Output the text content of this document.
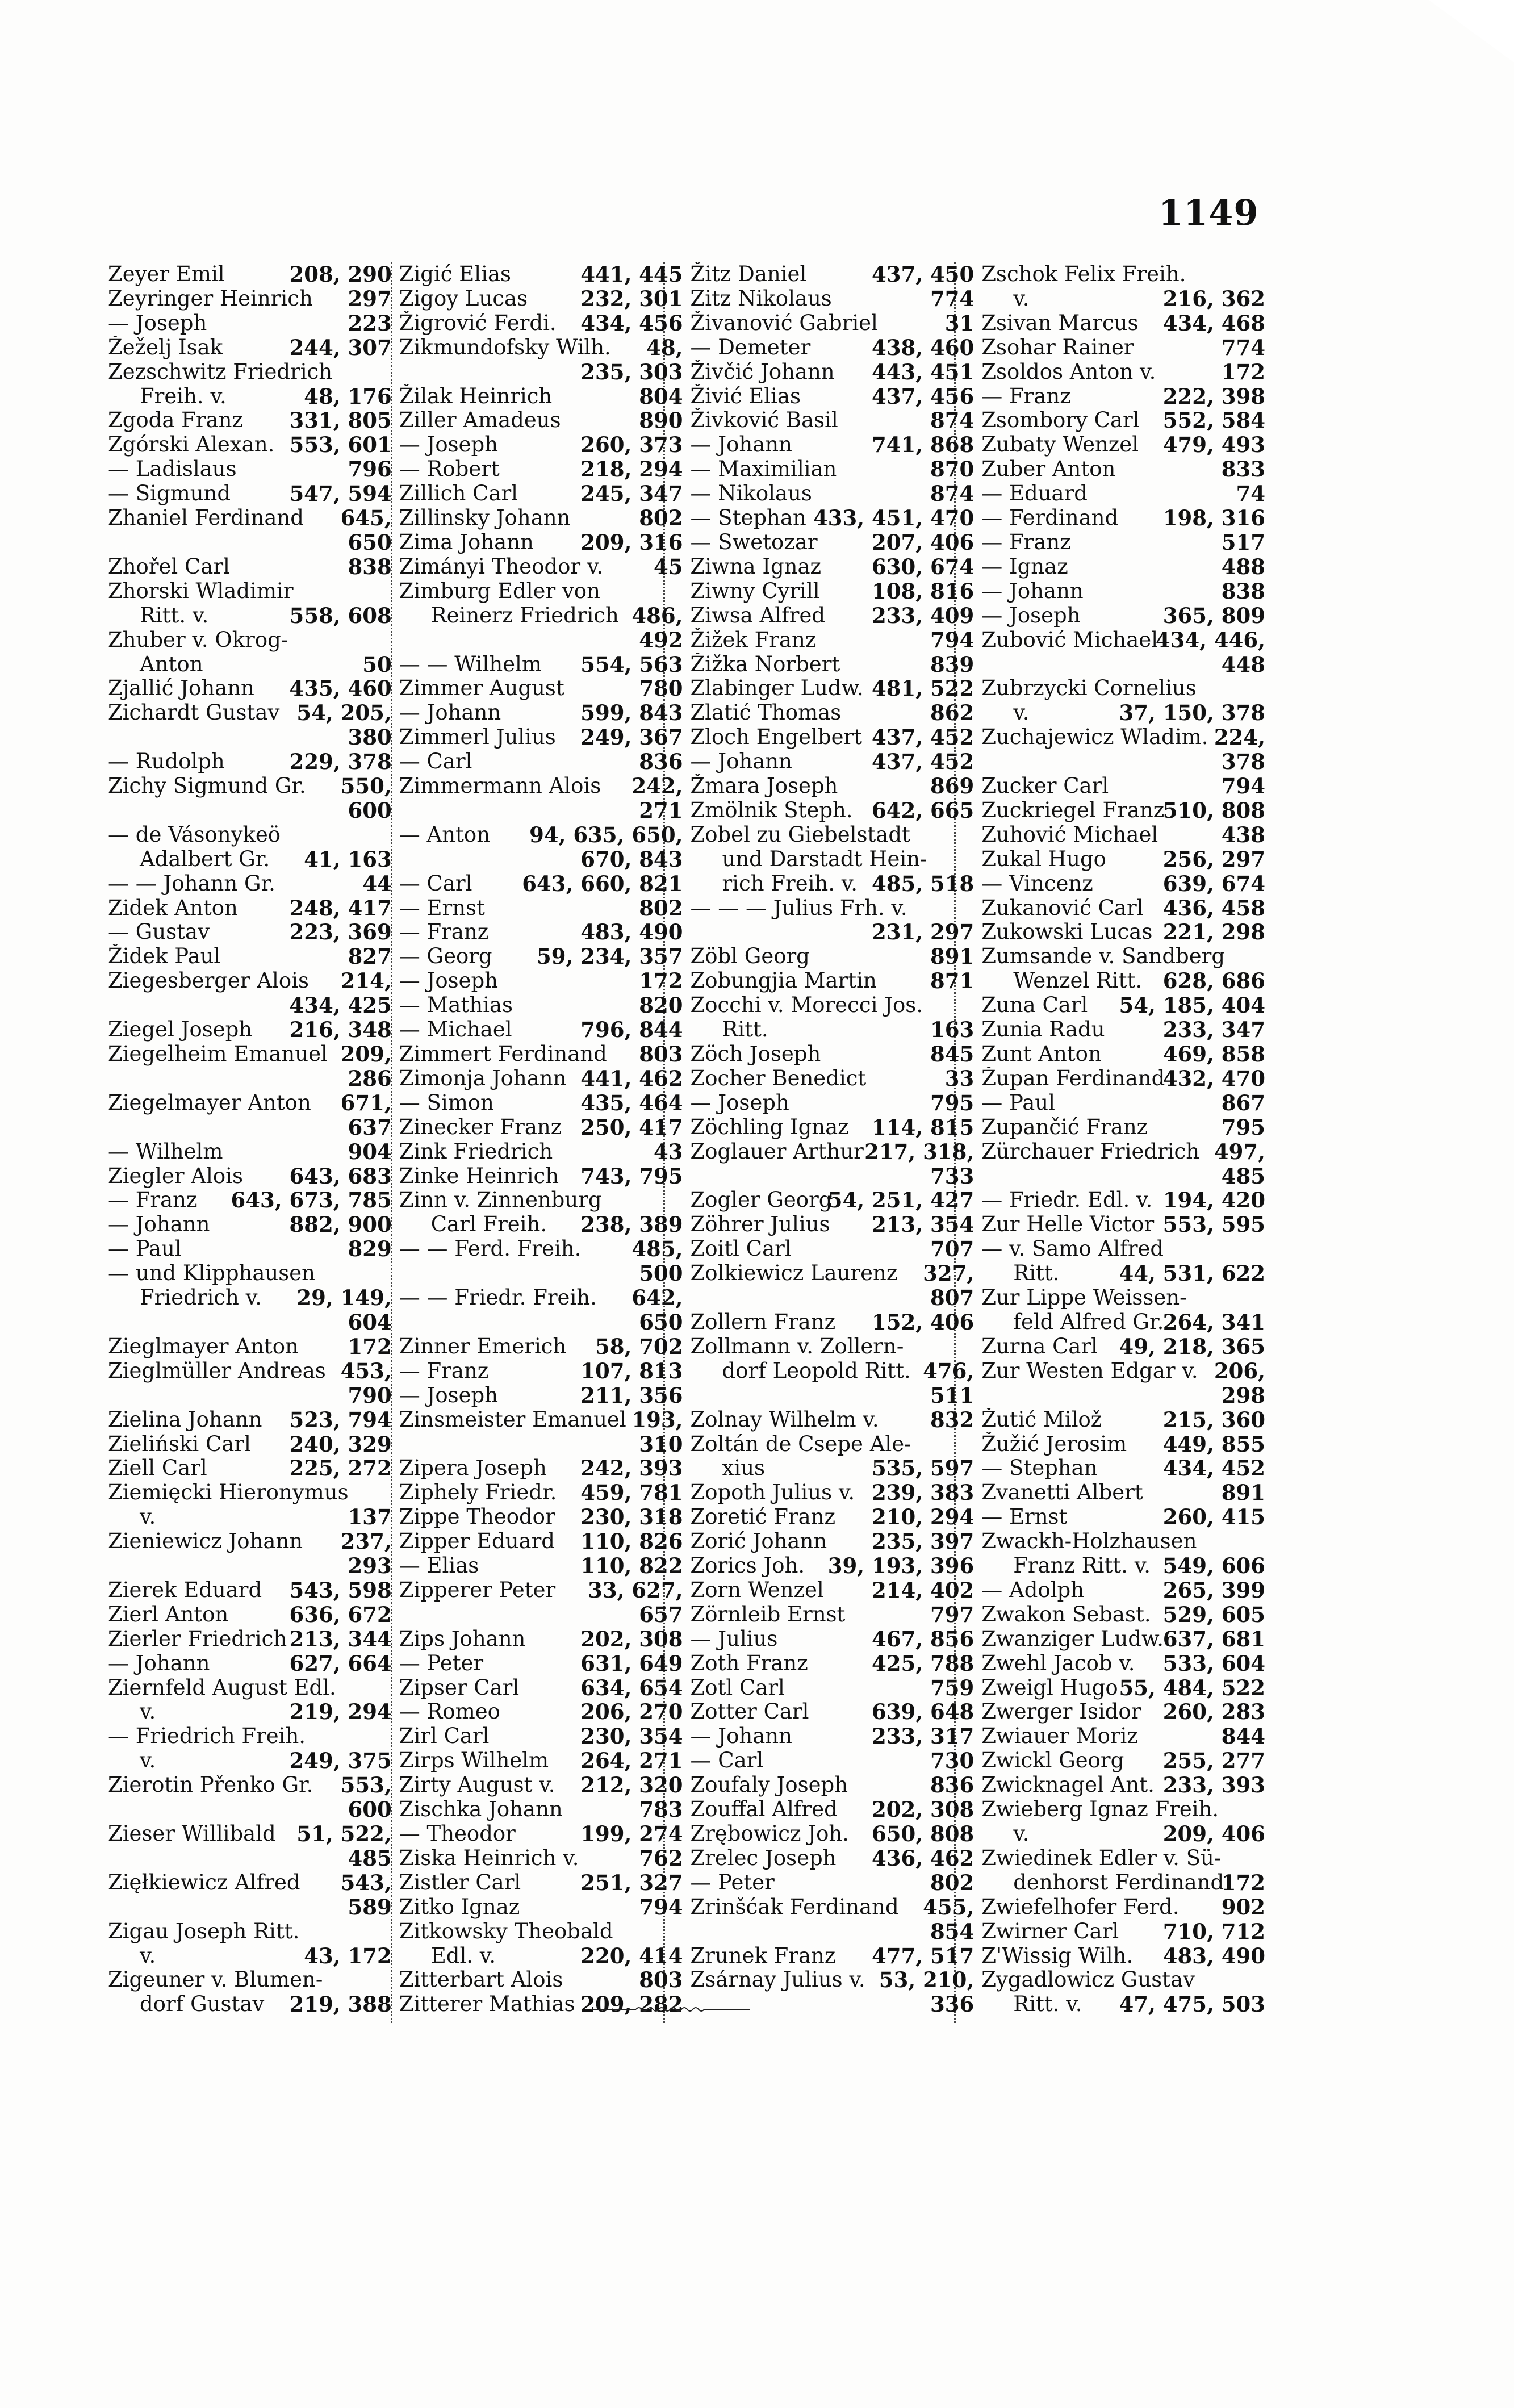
1149
208, 290
Zeyer Emil
297
Zeyringer Heinrich
223
— Joseph
244, 307
Žeželj Isak
Zezschwitz Friedrich
48, 176
Freih. v.
331, 805
Zgoda Franz
553, 601
Zgórski Alexan.
796
— Ladislaus
547, 594
— Sigmund
645,
Zhaniel Ferdinand
650
838
Zhořel Carl
Zhorski Wladimir
558, 608
Ritt. v.
Zhuber v. Okrog-
50
Anton
435, 460
Zjallić Johann
54, 205,
Zichardt Gustav
380
229, 378
— Rudolph
550,
Zichy Sigmund Gr.
600
— de Vásonykeö
41, 163
Adalbert Gr.
44
— — Johann Gr.
248, 417
Zidek Anton
223, 369
— Gustav
827
Židek Paul
214,
Ziegesberger Alois
434, 425
216, 348
Ziegel Joseph
209,
Ziegelheim Emanuel
286
671,
Ziegelmayer Anton
637
904
— Wilhelm
643, 683
Ziegler Alois
643, 673, 785
— Franz
882, 900
— Johann
829
— Paul
— und Klipphausen
29, 149,
Friedrich v.
604
172
Zieglmayer Anton
453,
Zieglmüller Andreas
790
523, 794
Zielina Johann
240, 329
Zieliński Carl
225, 272
Ziell Carl
Ziemięcki Hieronymus
137
v.
237,
Zieniewicz Johann
293
543, 598
Zierek Eduard
636, 672
Zierl Anton
213, 344
Zierler Friedrich
627, 664
— Johann
Ziernfeld August Edl.
219, 294
v.
— Friedrich Freih.
249, 375
v.
553,
Zierotin Přenko Gr.
600
51, 522,
Zieser Willibald
485
543,
Zięłkiewicz Alfred
589
Zigau Joseph Ritt.
43, 172
v.
Zigeuner v. Blumen-
219, 388
dorf Gustav
441, 445
Zigić Elias
232, 301
Zigoy Lucas
434, 456
Žigrović Ferdi.
48,
Zikmundofsky Wilh.
235, 303
804
Žilak Heinrich
890
Ziller Amadeus
260, 373
— Joseph
218, 294
— Robert
245, 347
Zillich Carl
802
Zillinsky Johann
209, 316
Zima Johann
45
Zimányi Theodor v.
Zimburg Edler von
486,
Reinerz Friedrich
492
554, 563
— — Wilhelm
780
Zimmer August
599, 843
— Johann
249, 367
Zimmerl Julius
836
— Carl
242,
Zimmermann Alois
271
94, 635, 650,
— Anton
670, 843
643, 660, 821
— Carl
802
— Ernst
483, 490
— Franz
59, 234, 357
— Georg
172
— Joseph
820
— Mathias
796, 844
— Michael
803
Zimmert Ferdinand
441, 462
Zimonja Johann
435, 464
— Simon
250, 417
Zinecker Franz
43
Zink Friedrich
743, 795
Zinke Heinrich
Zinn v. Zinnenburg
238, 389
Carl Freih.
485,
— — Ferd. Freih.
500
642,
— — Friedr. Freih.
650
58, 702
Zinner Emerich
107, 813
— Franz
211, 356
— Joseph
193,
Zinsmeister Emanuel
310
242, 393
Zipera Joseph
459, 781
Ziphely Friedr.
230, 318
Zippe Theodor
110, 826
Zipper Eduard
110, 822
— Elias
33, 627,
Zipperer Peter
657
202, 308
Zips Johann
631, 649
— Peter
634, 654
Zipser Carl
206, 270
— Romeo
230, 354
Zirl Carl
264, 271
Zirps Wilhelm
212, 320
Zirty August v.
783
Zischka Johann
199, 274
— Theodor
762
Ziska Heinrich v.
251, 327
Zistler Carl
794
Zitko Ignaz
Zitkowsky Theobald
220, 414
Edl. v.
803
Zitterbart Alois
209, 282
Zitterer Mathias
437, 450
Žitz Daniel
774
Zitz Nikolaus
31
Živanović Gabriel
438, 460
— Demeter
443, 451
Živčić Johann
437, 456
Živić Elias
874
Živković Basil
741, 868
— Johann
870
— Maximilian
874
— Nikolaus
433, 451, 470
— Stephan
207, 406
— Swetozar
630, 674
Ziwna Ignaz
108, 816
Ziwny Cyrill
233, 409
Ziwsa Alfred
794
Žižek Franz
839
Žižka Norbert
481, 522
Zlabinger Ludw.
862
Zlatić Thomas
437, 452
Zloch Engelbert
437, 452
— Johann
869
Žmara Joseph
642, 665
Zmölnik Steph.
Zobel zu Giebelstadt
und Darstadt Hein-
485, 518
rich Freih. v.
— — — Julius Frh. v.
231, 297
891
Zöbl Georg
871
Zobungjia Martin
Zocchi v. Morecci Jos.
163
Ritt.
845
Zöch Joseph
33
Zocher Benedict
795
— Joseph
114, 815
Zöchling Ignaz
217, 318,
Zoglauer Arthur
733
54, 251, 427
Zogler Georg
213, 354
Zöhrer Julius
707
Zoitl Carl
327,
Zolkiewicz Laurenz
807
152, 406
Zollern Franz
Zollmann v. Zollern-
476,
dorf Leopold Ritt.
511
832
Zolnay Wilhelm v.
Zoltán de Csepe Ale-
535, 597
xius
239, 383
Zopoth Julius v.
210, 294
Zoretić Franz
235, 397
Zorić Johann
39, 193, 396
Zorics Joh.
214, 402
Zorn Wenzel
797
Zörnleib Ernst
467, 856
— Julius
425, 788
Zoth Franz
759
Zotl Carl
639, 648
Zotter Carl
233, 317
— Johann
730
— Carl
836
Zoufaly Joseph
202, 308
Zouffal Alfred
650, 808
Zrębowicz Joh.
436, 462
Zrelec Joseph
802
— Peter
455,
Zrinšćak Ferdinand
854
477, 517
Zrunek Franz
53, 210,
Zsárnay Julius v.
336
Zschok Felix Freih.
216, 362
v.
434, 468
Zsivan Marcus
774
Zsohar Rainer
172
Zsoldos Anton v.
222, 398
— Franz
552, 584
Zsombory Carl
479, 493
Zubaty Wenzel
833
Zuber Anton
74
— Eduard
198, 316
— Ferdinand
517
— Franz
488
— Ignaz
838
— Johann
365, 809
— Joseph
434, 446,
Zubović Michael
448
Zubrzycki Cornelius
37, 150, 378
v.
224,
Zuchajewicz Wladim.
378
794
Zucker Carl
510, 808
Zuckriegel Franz
438
Zuhović Michael
256, 297
Zukal Hugo
639, 674
— Vincenz
436, 458
Zukanović Carl
221, 298
Zukowski Lucas
Zumsande v. Sandberg
628, 686
Wenzel Ritt.
54, 185, 404
Zuna Carl
233, 347
Zunia Radu
469, 858
Zunt Anton
432, 470
Župan Ferdinand
867
— Paul
795
Zupančić Franz
497,
Zürchauer Friedrich
485
194, 420
— Friedr. Edl. v.
553, 595
Zur Helle Victor
— v. Samo Alfred
44, 531, 622
Ritt.
Zur Lippe Weissen-
264, 341
feld Alfred Gr.
49, 218, 365
Zurna Carl
206,
Zur Westen Edgar v.
298
215, 360
Žutić Milož
449, 855
Žužić Jerosim
434, 452
— Stephan
891
Zvanetti Albert
260, 415
— Ernst
Zwackh-Holzhausen
549, 606
Franz Ritt. v.
265, 399
— Adolph
529, 605
Zwakon Sebast.
637, 681
Zwanziger Ludw.
533, 604
Zwehl Jacob v.
55, 484, 522
Zweigl Hugo
260, 283
Zwerger Isidor
844
Zwiauer Moriz
255, 277
Zwickl Georg
233, 393
Zwicknagel Ant.
Zwieberg Ignaz Freih.
209, 406
v.
Zwiedinek Edler v. Sü-
172
denhorst Ferdinand
902
Zwiefelhofer Ferd.
710, 712
Zwirner Carl
483, 490
Z'Wissig Wilh.
Zygadlowicz Gustav
47, 475, 503
Ritt. v.
